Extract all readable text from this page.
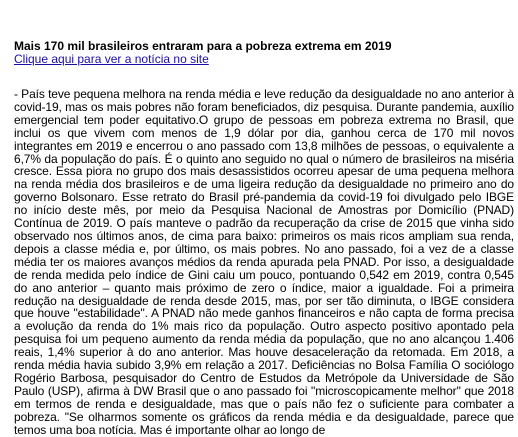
Mais 170 mil brasileiros entraram para a pobreza extrema em 2019
Clique aqui para ver a notícia no site

- País teve pequena melhora na renda média e leve redução da desigualdade no ano anterior à covid-19, mas os mais pobres não foram beneficiados, diz pesquisa. Durante pandemia, auxílio emergencial tem poder equitativo.O grupo de pessoas em pobreza extrema no Brasil, que inclui os que vivem com menos de 1,9 dólar por dia, ganhou cerca de 170 mil novos integrantes em 2019 e encerrou o ano passado com 13,8 milhões de pessoas, o equivalente a 6,7% da população do país. É o quinto ano seguido no qual o número de brasileiros na miséria cresce. Essa piora no grupo dos mais desassistidos ocorreu apesar de uma pequena melhora na renda média dos brasileiros e de uma ligeira redução da desigualdade no primeiro ano do governo Bolsonaro. Esse retrato do Brasil pré-pandemia da covid-19 foi divulgado pelo IBGE no início deste mês, por meio da Pesquisa Nacional de Amostras por Domicílio (PNAD) Contínua de 2019. O país manteve o padrão da recuperação da crise de 2015 que vinha sido observado nos últimos anos, de cima para baixo: primeiros os mais ricos ampliam sua renda, depois a classe média e, por último, os mais pobres. No ano passado, foi a vez de a classe média ter os maiores avanços médios da renda apurada pela PNAD. Por isso, a desigualdade de renda medida pelo índice de Gini caiu um pouco, pontuando 0,542 em 2019, contra 0,545 do ano anterior – quanto mais próximo de zero o índice, maior a igualdade. Foi a primeira redução na desigualdade de renda desde 2015, mas, por ser tão diminuta, o IBGE considera que houve "estabilidade". A PNAD não mede ganhos financeiros e não capta de forma precisa a evolução da renda do 1% mais rico da população. Outro aspecto positivo apontado pela pesquisa foi um pequeno aumento da renda média da população, que no ano alcançou 1.406 reais, 1,4% superior à do ano anterior. Mas houve desaceleração da retomada. Em 2018, a renda média havia subido 3,9% em relação a 2017. Deficiências no Bolsa Família O sociólogo Rogério Barbosa, pesquisador do Centro de Estudos da Metrópole da Universidade de São Paulo (USP), afirma à DW Brasil que o ano passado foi "microscopicamente melhor" que 2018 em termos de renda e desigualdade, mas que o país não fez o suficiente para combater a pobreza. "Se olharmos somente os gráficos da renda média e da desigualdade, parece que temos uma boa notícia. Mas é importante olhar ao longo de
